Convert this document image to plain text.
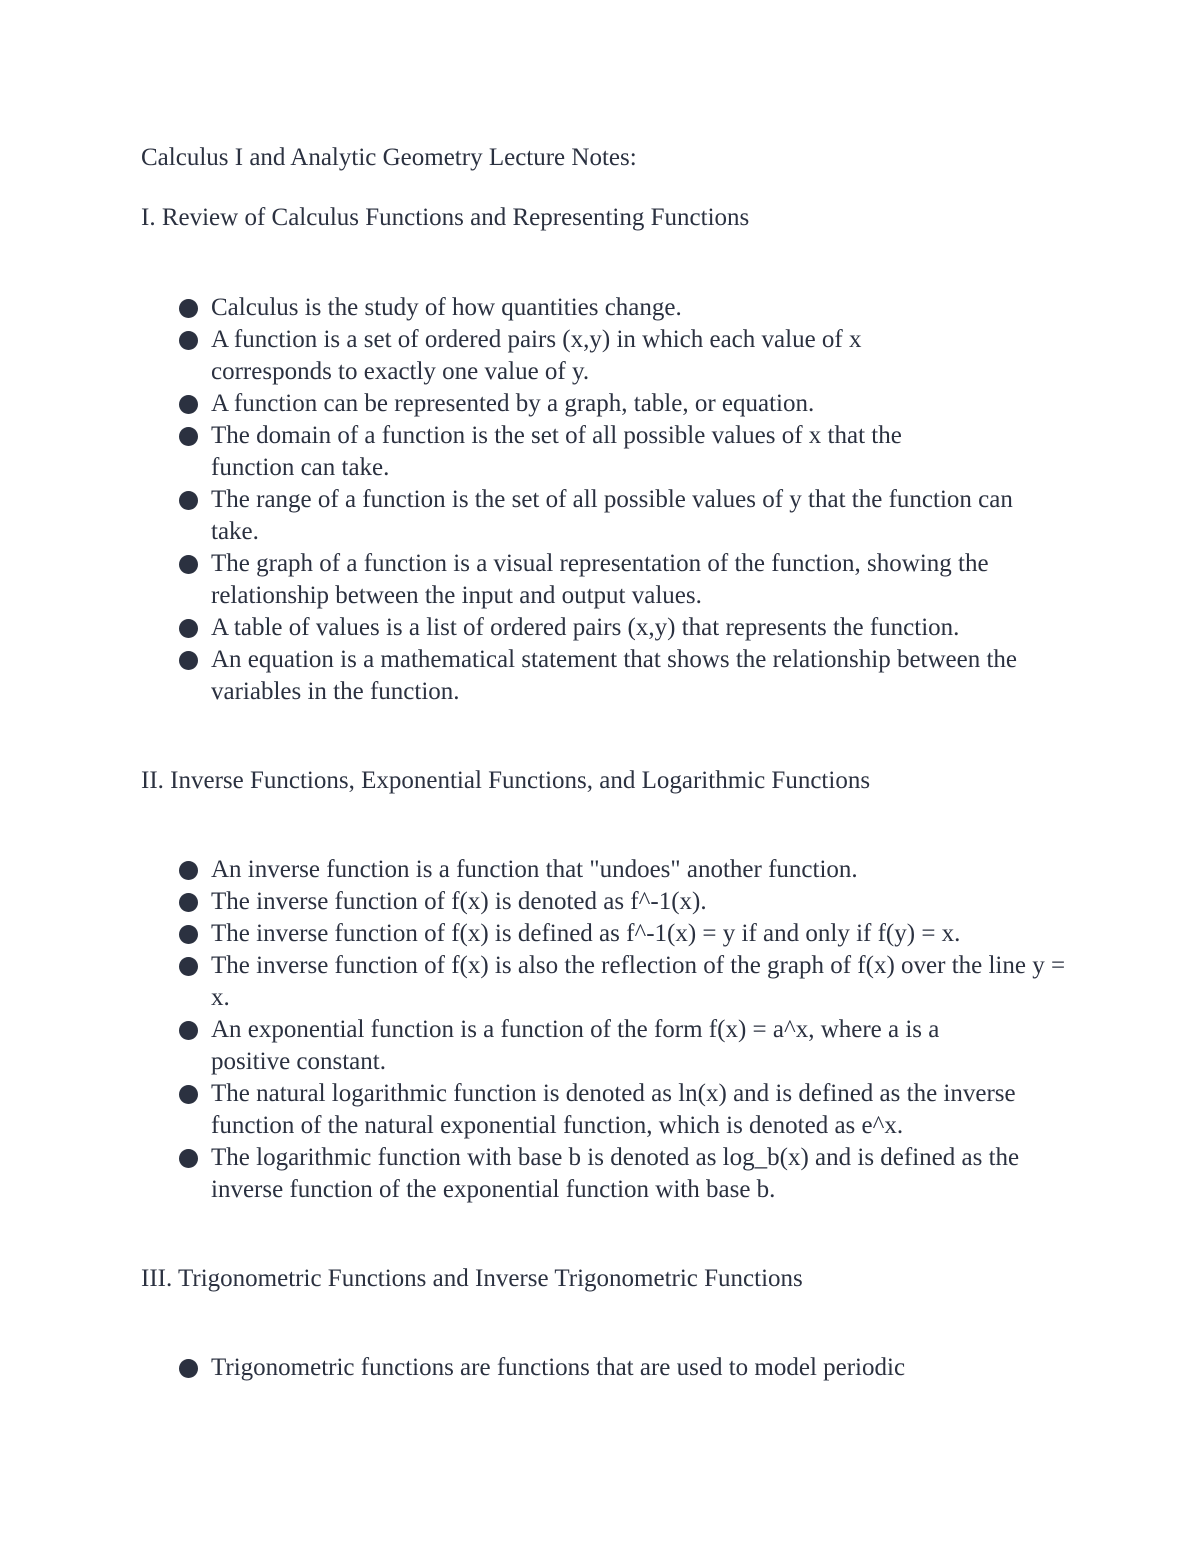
Calculus I and Analytic Geometry Lecture Notes:
I. Review of Calculus Functions and Representing Functions
Calculus is the study of how quantities change.
A function is a set of ordered pairs (x,y) in which each value of x corresponds to exactly one value of y.
A function can be represented by a graph, table, or equation.
The domain of a function is the set of all possible values of x that the function can take.
The range of a function is the set of all possible values of y that the function can take.
The graph of a function is a visual representation of the function, showing the relationship between the input and output values.
A table of values is a list of ordered pairs (x,y) that represents the function.
An equation is a mathematical statement that shows the relationship between the variables in the function.
II. Inverse Functions, Exponential Functions, and Logarithmic Functions
An inverse function is a function that "undoes" another function.
The inverse function of f(x) is denoted as f^-1(x).
The inverse function of f(x) is defined as f^-1(x) = y if and only if f(y) = x.
The inverse function of f(x) is also the reflection of the graph of f(x) over the line y = x.
An exponential function is a function of the form f(x) = a^x, where a is a positive constant.
The natural logarithmic function is denoted as ln(x) and is defined as the inverse function of the natural exponential function, which is denoted as e^x.
The logarithmic function with base b is denoted as log_b(x) and is defined as the inverse function of the exponential function with base b.
III. Trigonometric Functions and Inverse Trigonometric Functions
Trigonometric functions are functions that are used to model periodic
